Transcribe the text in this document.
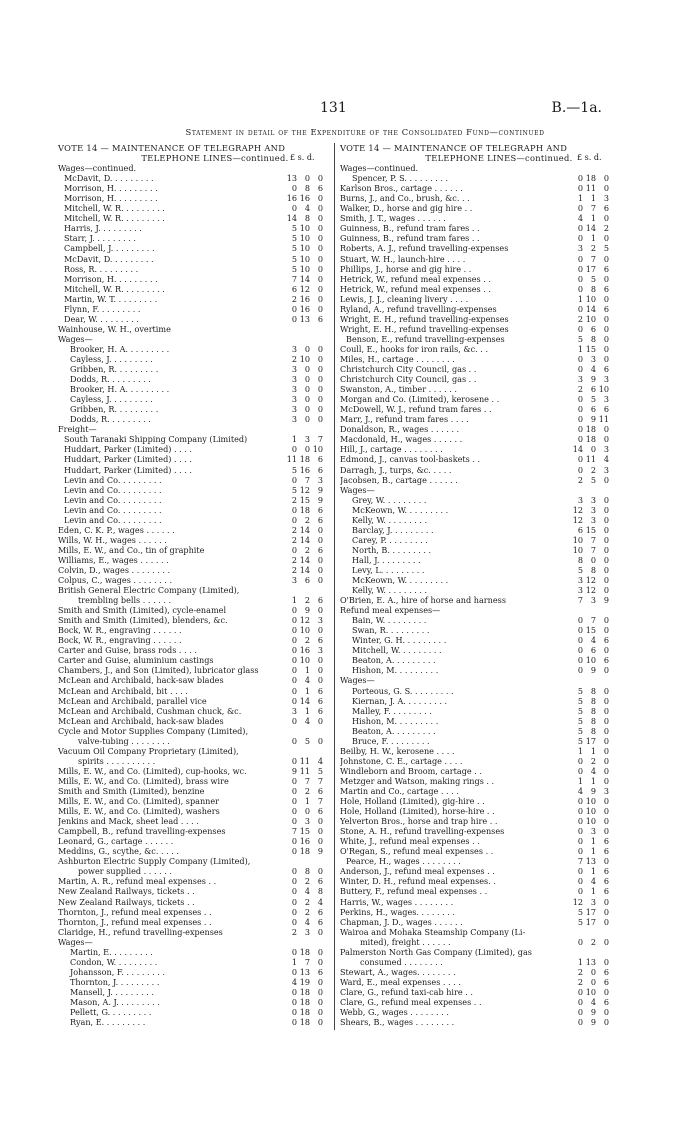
131	B.—1a.
Statement in detail of the Expenditure of the Consolidated Fund—continued
VOTE 14 — MAINTENANCE OF TELEGRAPH AND
TELEPHONE LINES—continued. £ s. d.
Wages—continued.
McDavit, D. . . . . . . . .	13 0 0
Morrison, H. . . . . . . . .	0 8 6
Morrison, H. . . . . . . . .	16 16 0
Mitchell, W. R. . . . . . . . .	0 4 0
Mitchell, W. R. . . . . . . . .	14 8 0
Harris, J. . . . . . . . .	5 10 0
Starr, J. . . . . . . . .	5 10 0
Campbell, J. . . . . . . . .	5 10 0
McDavit, D. . . . . . . . .	5 10 0
Ross, R. . . . . . . . .	5 10 0
Morrison, H. . . . . . . . .	7 14 0
Mitchell, W. R. . . . . . . . .	6 12 0
Martin, W. T. . . . . . . . .	2 16 0
Flynn, F. . . . . . . . .	0 16 0
Dear, W. . . . . . . . .	0 13 6
Wainhouse, W. H., overtime
Wages—
Brooker, H. A. . . . . . . . .	3 0 0
Cayless, J. . . . . . . . .	2 10 0
Gribben, R. . . . . . . . .	3 0 0
Dodds, R. . . . . . . . .	3 0 0
Brooker, H. A. . . . . . . . .	3 0 0
Cayless, J. . . . . . . . .	3 0 0
Gribben, R. . . . . . . . .	3 0 0
Dodds, R. . . . . . . . .	3 0 0
Freight—
South Taranaki Shipping Company (Limited)	1 3 7
Huddart, Parker (Limited) . . . .	0 0 10
Huddart, Parker (Limited) . . . .	11 18 6
Huddart, Parker (Limited) . . . .	5 16 6
Levin and Co. . . . . . . . .	0 7 3
Levin and Co. . . . . . . . .	5 12 9
Levin and Co. . . . . . . . .	2 15 9
Levin and Co. . . . . . . . .	0 18 6
Levin and Co. . . . . . . . .	0 2 6
Eden, C. K. P., wages . . . . . .	2 14 0
Wills, W. H., wages . . . . . .	2 14 0
Mills, E. W., and Co., tin of graphite	0 2 6
Williams, E., wages . . . . . .	2 14 0
Colvin, D., wages . . . . . . . .	2 14 0
Colpus, C., wages . . . . . . . .	3 6 0
British General Electric Company (Limited),
trembling bells . . . . . .	1 2 6
Smith and Smith (Limited), cycle-enamel	0 9 0
Smith and Smith (Limited), blenders, &c.	0 12 3
Bock, W. R., engraving . . . . . .	0 10 0
Bock, W. R., engraving . . . . . .	0 2 6
Carter and Guise, brass rods . . . .	0 16 3
Carter and Guise, aluminium castings	0 10 0
Chambers, J., and Son (Limited), lubricator glass	0 1 0
McLean and Archibald, hack-saw blades	0 4 0
McLean and Archibald, bit . . . .	0 1 6
McLean and Archibald, parallel vice	0 14 6
McLean and Archibald, Cushman chuck, &c.	3 1 6
McLean and Archibald, hack-saw blades	0 4 0
Cycle and Motor Supplies Company (Limited),
valve-tubing . . . . . . . .	0 5 0
Vacuum Oil Company Proprietary (Limited),
spirits . . . . . . . . . .	0 11 4
Mills, E. W., and Co. (Limited), cup-hooks, wc.	9 11 5
Mills, E. W., and Co. (Limited), brass wire	0 7 7
Smith and Smith (Limited), benzine	0 2 6
Mills, E. W., and Co. (Limited), spanner	0 1 7
Mills, E. W., and Co. (Limited), washers	0 0 6
Jenkins and Mack, sheet lead . . . .	0 3 0
Campbell, B., refund travelling-expenses	7 15 0
Leonard, G., cartage . . . . . .	0 16 0
Meddins, G., scythe, &c. . . . .	0 18 9
Ashburton Electric Supply Company (Limited),
power supplied . . . . . .	0 8 0
Martin, A. R., refund meal expenses . .	0 2 6
New Zealand Railways, tickets . .	0 4 8
New Zealand Railways, tickets . .	0 2 4
Thornton, J., refund meal expenses . .	0 2 6
Thornton, J., refund meal expenses . .	0 4 6
Claridge, H., refund travelling-expenses	2 3 0
Wages—
Martin, E. . . . . . . . .	0 18 0
Condon, W. . . . . . . . .	1 7 0
Johansson, F. . . . . . . . .	0 13 6
Thornton, J. . . . . . . . .	4 19 0
Mansell, J. . . . . . . . .	0 18 0
Mason, A. J. . . . . . . . .	0 18 0
Pellett, G. . . . . . . . .	0 18 0
Ryan, E. . . . . . . . .	0 18 0
VOTE 14 — MAINTENANCE OF TELEGRAPH AND
TELEPHONE LINES—continued. £ s. d.
Wages—continued.
Spencer, P. S. . . . . . . . .	0 18 0
Karlson Bros., cartage . . . . . .	0 11 0
Burns, J., and Co., brush, &c. . .	1 1 3
Walker, D., horse and gig hire . .	0 7 6
Smith, J. T., wages . . . . . .	4 1 0
Guinness, B., refund tram fares . .	0 14 2
Guinness, B., refund tram fares . .	0 1 0
Roberts, A. J., refund travelling-expenses	3 2 5
Stuart, W. H., launch-hire . . . .	0 7 0
Phillips, J., horse and gig hire . .	0 17 6
Hetrick, W., refund meal expenses . .	0 5 0
Hetrick, W., refund meal expenses . .	0 8 6
Lewis, J. J., cleaning livery . . . .	1 10 0
Ryland, A., refund travelling-expenses	0 14 6
Wright, E. H., refund travelling-expenses	2 10 0
Wright, E. H., refund travelling-expenses	0 6 0
Benson, E., refund travelling-expenses	5 8 0
Coull, E., hooks for iron rails, &c. . .	1 15 0
Miles, H., cartage . . . . . . . .	0 3 0
Christchurch City Council, gas . .	0 4 6
Christchurch City Council, gas . .	3 9 3
Swanston, A., timber . . . . . .	2 6 10
Morgan and Co. (Limited), kerosene . .	0 5 3
McDowell, W. J., refund tram fares . .	0 6 6
Marr, J., refund tram fares . . . .	0 9 11
Donaldson, R., wages . . . . . .	0 18 0
Macdonald, H., wages . . . . . .	0 18 0
Hill, J., cartage . . . . . . . .	14 0 3
Edmond, J., canvas tool-baskets . .	0 11 4
Darragh, J., turps, &c. . . . .	0 2 3
Jacobsen, B., cartage . . . . . .	2 5 0
Wages—
Grey, W. . . . . . . . .	3 3 0
McKeown, W. . . . . . . . .	12 3 0
Kelly, W. . . . . . . . .	12 3 0
Barclay, J. . . . . . . . .	6 15 0
Carey, P. . . . . . . . .	10 7 0
North, B. . . . . . . . .	10 7 0
Hall, J. . . . . . . . .	8 0 0
Levy, L. . . . . . . . .	5 8 0
McKeown, W. . . . . . . . .	3 12 0
Kelly, W. . . . . . . . .	3 12 0
O'Brien, E. A., hire of horse and harness	7 3 9
Refund meal expenses—
Bain, W. . . . . . . . .	0 7 0
Swan, R. . . . . . . . .	0 15 0
Winter, G. H. . . . . . . . .	0 4 6
Mitchell, W. . . . . . . . .	0 6 0
Beaton, A. . . . . . . . .	0 10 6
Hishon, M. . . . . . . . .	0 9 0
Wages—
Porteous, G. S. . . . . . . . .	5 8 0
Kiernan, J. A. . . . . . . . .	5 8 0
Malley, F. . . . . . . . .	5 8 0
Hishon, M. . . . . . . . .	5 8 0
Beaton, A. . . . . . . . .	5 8 0
Bruce, F. . . . . . . . .	5 17 0
Beilby, H. W., kerosene . . . .	1 1 0
Johnstone, C. E., cartage . . . .	0 2 0
Windleborn and Broom, cartage . .	0 4 0
Metzger and Watson, making rings . .	1 1 0
Martin and Co., cartage . . . .	4 9 3
Hole, Holland (Limited), gig-hire . .	0 10 0
Hole, Holland (Limited), horse-hire . .	0 10 0
Yelverton Bros., horse and trap hire . .	0 10 0
Stone, A. H., refund travelling-expenses	0 3 0
White, J., refund meal expenses . .	0 1 6
O'Regan, S., refund meal expenses . .	0 1 6
Pearce, H., wages . . . . . . . .	7 13 0
Anderson, J., refund meal expenses . .	0 1 6
Winter, D. H., refund meal expenses. .	0 4 6
Buttery, F., refund meal expenses . .	0 1 6
Harris, W., wages . . . . . . . .	12 3 0
Perkins, H., wages. . . . . . . .	5 17 0
Chapman, J. D., wages . . . . . .	5 17 0
Wairoa and Mohaka Steamship Company (Li-
mited), freight . . . . . .	0 2 0
Palmerston North Gas Company (Limited), gas
consumed . . . . . . . .	1 13 0
Stewart, A., wages. . . . . . . .	2 0 6
Ward, E., meal expenses . . . .	2 0 6
Clare, G., refund taxi-cab hire . .	0 10 0
Clare, G., refund meal expenses . .	0 4 6
Webb, G., wages . . . . . . . .	0 9 0
Shears, B., wages . . . . . . . .	0 9 0
